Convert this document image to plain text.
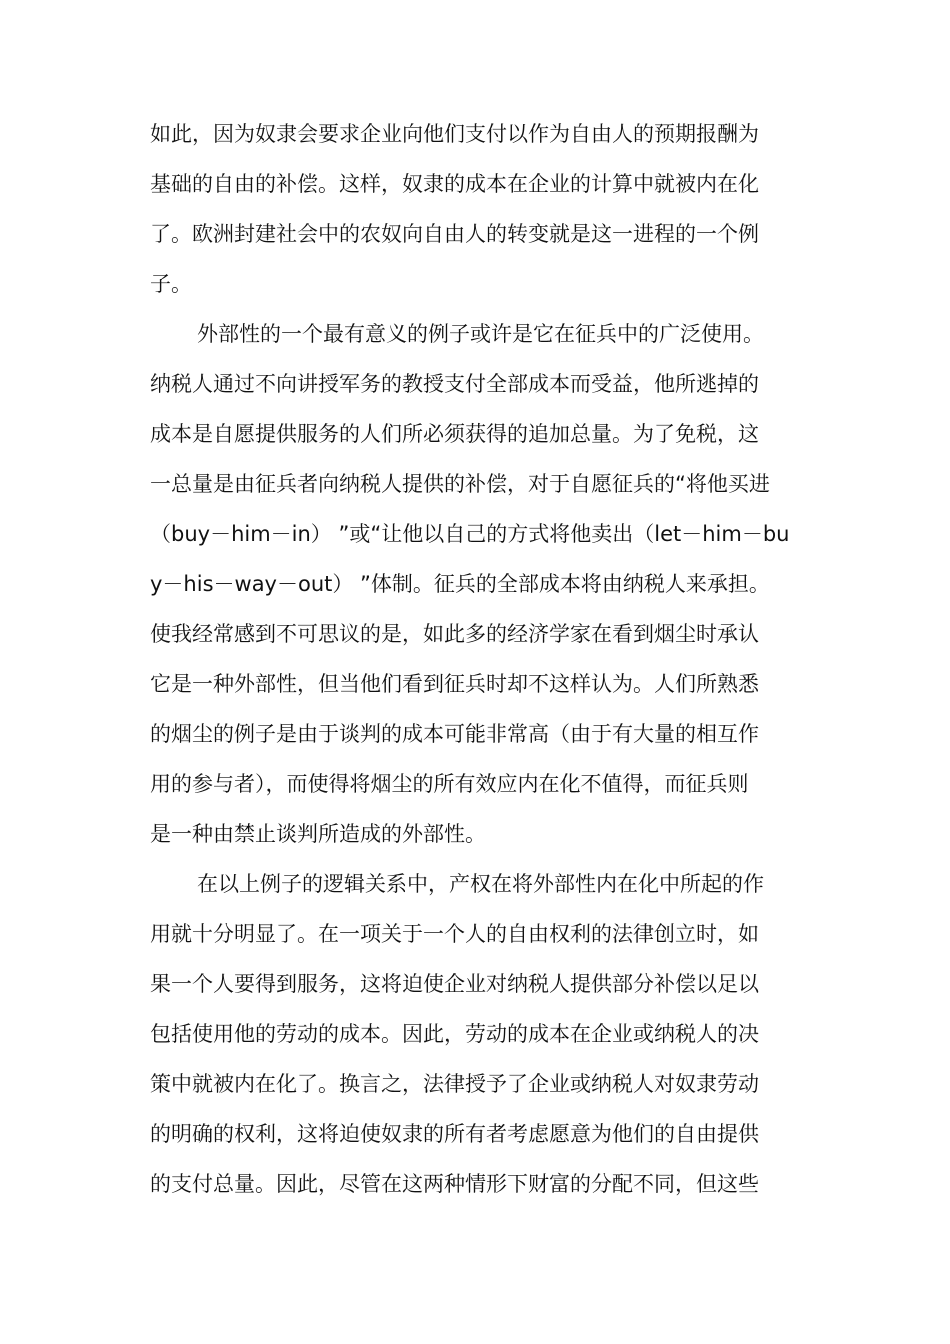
如此，因为奴隶会要求企业向他们支付以作为自由人的预期报酬为
基础的自由的补偿。这样，奴隶的成本在企业的计算中就被内在化
了。欧洲封建社会中的农奴向自由人的转变就是这一进程的一个例
子。
外部性的一个最有意义的例子或许是它在征兵中的广泛使用。
纳税人通过不向讲授军务的教授支付全部成本而受益，他所逃掉的
成本是自愿提供服务的人们所必须获得的追加总量。为了免税，这
一总量是由征兵者向纳税人提供的补偿，对于自愿征兵的“将他买进
（buy－him－in） ”或“让他以自己的方式将他卖出（let－him－bu
y－his－way－out） ”体制。征兵的全部成本将由纳税人来承担。
使我经常感到不可思议的是，如此多的经济学家在看到烟尘时承认
它是一种外部性，但当他们看到征兵时却不这样认为。人们所熟悉
的烟尘的例子是由于谈判的成本可能非常高（由于有大量的相互作
用的参与者），而使得将烟尘的所有效应内在化不值得，而征兵则
是一种由禁止谈判所造成的外部性。
在以上例子的逻辑关系中，产权在将外部性内在化中所起的作
用就十分明显了。在一项关于一个人的自由权利的法律创立时，如
果一个人要得到服务，这将迫使企业对纳税人提供部分补偿以足以
包括使用他的劳动的成本。因此，劳动的成本在企业或纳税人的决
策中就被内在化了。换言之，法律授予了企业或纳税人对奴隶劳动
的明确的权利，这将迫使奴隶的所有者考虑愿意为他们的自由提供
的支付总量。因此，尽管在这两种情形下财富的分配不同，但这些
